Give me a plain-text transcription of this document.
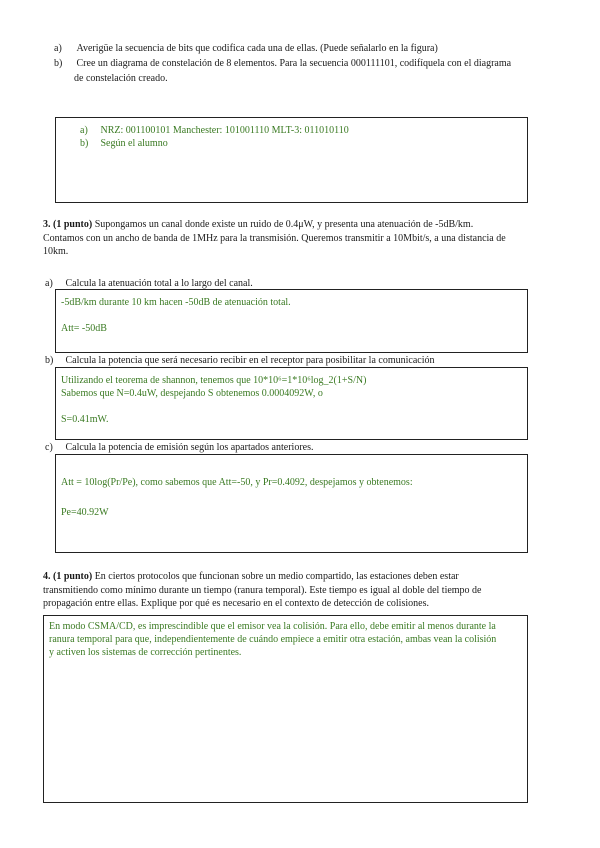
a) Averigüe la secuencia de bits que codifica cada una de ellas. (Puede señalarlo en la figura)
b) Cree un diagrama de constelación de 8 elementos. Para la secuencia 000111101, codifíquela con el diagrama
de constelación creado.
a) NRZ: 001100101 Manchester: 101001110 MLT-3: 011010110
b) Según el alumno
3. (1 punto) Supongamos un canal donde existe un ruido de 0.4μW, y presenta una atenuación de -5dB/km.
Contamos con un ancho de banda de 1MHz para la transmisión. Queremos transmitir a 10Mbit/s, a una distancia de
10km.
a) Calcula la atenuación total a lo largo del canal.
-5dB/km durante 10 km hacen -50dB de atenuación total.
Att= -50dB
b) Calcula la potencia que será necesario recibir en el receptor para posibilitar la comunicación
Utilizando el teorema de shannon, tenemos que 10*10⁶=1*10⁶log_2(1+S/N)
Sabemos que N=0.4uW, despejando S obtenemos 0.0004092W, o
S=0.41mW.
c) Calcula la potencia de emisión según los apartados anteriores.
Att = 10log(Pr/Pe), como sabemos que Att=-50, y Pr=0.4092, despejamos y obtenemos:
Pe=40.92W
4. (1 punto) En ciertos protocolos que funcionan sobre un medio compartido, las estaciones deben estar
transmitiendo como mínimo durante un tiempo (ranura temporal). Este tiempo es igual al doble del tiempo de
propagación entre ellas. Explique por qué es necesario en el contexto de detección de colisiones.
En modo CSMA/CD, es imprescindible que el emisor vea la colisión. Para ello, debe emitir al menos durante la
ranura temporal para que, independientemente de cuándo empiece a emitir otra estación, ambas vean la colisión
y activen los sistemas de corrección pertinentes.
